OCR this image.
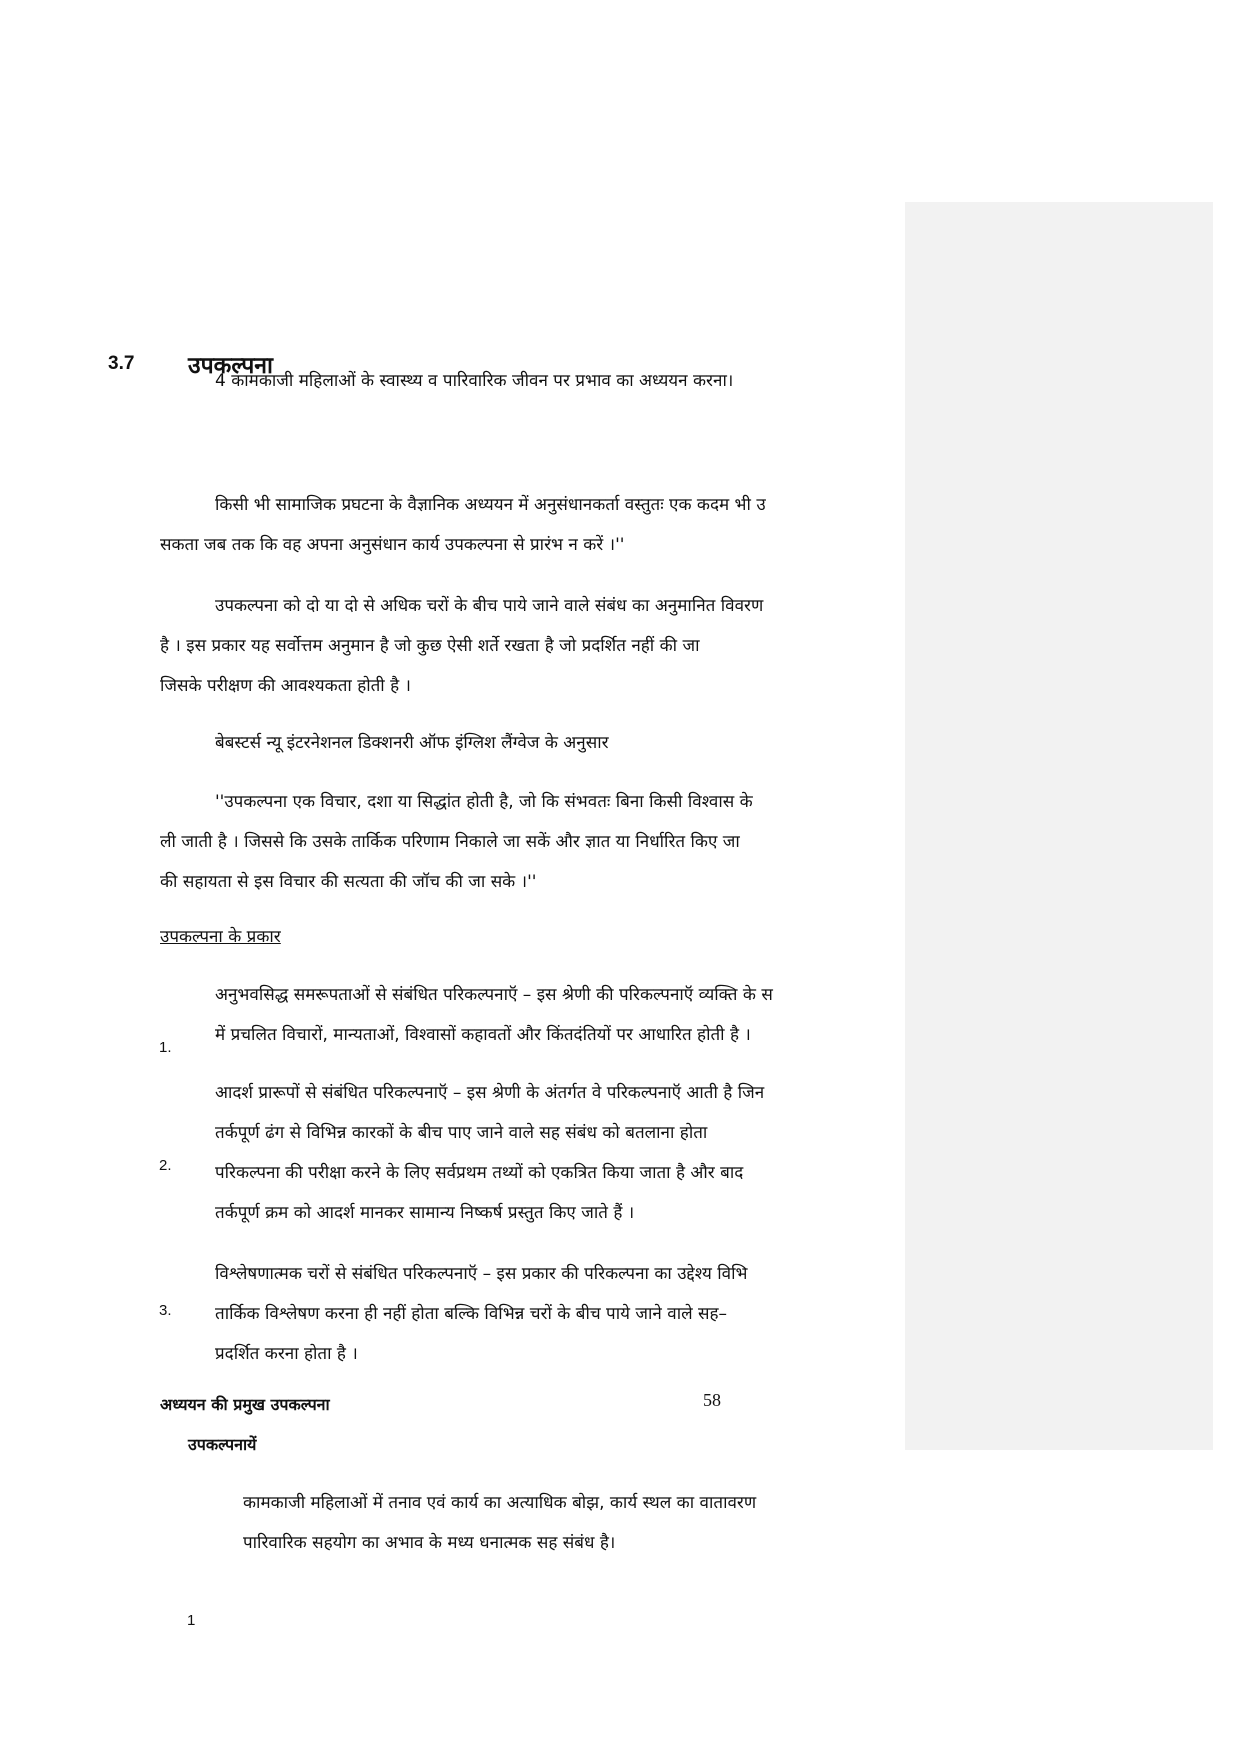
3.7 उपकल्पना
1.
2.
3.
1
4 कामकाजी महिलाओं के स्वास्थ्य व पारिवारिक जीवन पर प्रभाव का अध्ययन करना।
किसी भी सामाजिक प्रघटना के वैज्ञानिक अध्ययन में अनुसंधानकर्ता वस्तुतः एक कदम भी उ
सकता जब तक कि वह अपना अनुसंधान कार्य उपकल्पना से प्रारंभ न करें ।''
उपकल्पना को दो या दो से अधिक चरों के बीच पाये जाने वाले संबंध का अनुमानित विवरण
है । इस प्रकार यह सर्वोत्तम अनुमान है जो कुछ ऐसी शर्ते रखता है जो प्रदर्शित नहीं की जा
जिसके परीक्षण की आवश्यकता होती है ।
बेबस्टर्स न्यू इंटरनेशनल डिक्शनरी ऑफ इंग्लिश लैंग्वेज के अनुसार
''उपकल्पना एक विचार, दशा या सिद्धांत होती है, जो कि संभवतः बिना किसी विश्वास के
ली जाती है । जिससे कि उसके तार्किक परिणाम निकाले जा सकें और ज्ञात या निर्धारित किए जा
की सहायता से इस विचार की सत्यता की जॉच की जा सके ।''
उपकल्पना के प्रकार
अनुभवसिद्ध समरूपताओं से संबंधित परिकल्पनाऍ – इस श्रेणी की परिकल्पनाऍ व्यक्ति के स
में प्रचलित विचारों, मान्यताओं, विश्वासों कहावतों और किंतदंतियों पर आधारित होती है ।
आदर्श प्रारूपों से संबंधित परिकल्पनाऍ – इस श्रेणी के अंतर्गत वे परिकल्पनाऍ आती है जिन
तर्कपूर्ण ढंग से विभिन्न कारकों के बीच पाए जाने वाले सह संबंध को बतलाना होता
परिकल्पना की परीक्षा करने के लिए सर्वप्रथम तथ्यों को एकत्रित किया जाता है और बाद
तर्कपूर्ण क्रम को आदर्श मानकर सामान्य निष्कर्ष प्रस्तुत किए जाते हैं ।
विश्लेषणात्मक चरों से संबंधित परिकल्पनाऍ – इस प्रकार की परिकल्पना का उद्देश्य विभि
तार्किक विश्लेषण करना ही नहीं होता बल्कि विभिन्न चरों के बीच पाये जाने वाले सह–
प्रदर्शित करना होता है ।
अध्ययन की प्रमुख उपकल्पना
उपकल्पनायें
कामकाजी महिलाओं में तनाव एवं कार्य का अत्याधिक बोझ, कार्य स्थल का वातावरण
पारिवारिक सहयोग का अभाव के मध्य धनात्मक सह संबंध है।
58
